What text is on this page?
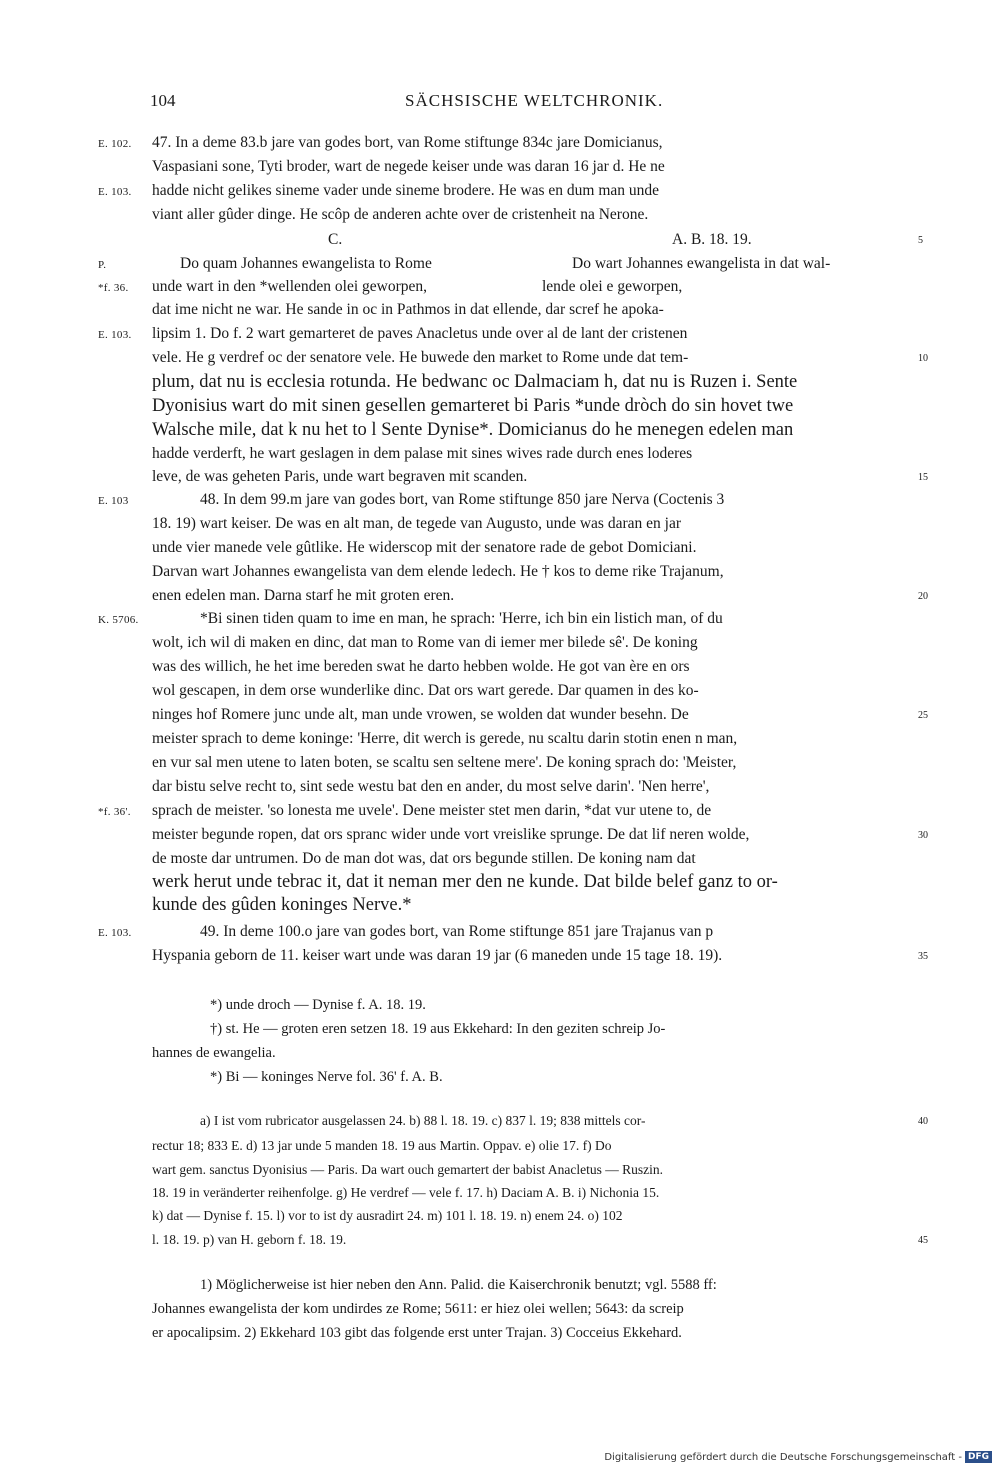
104	SÄCHSISCHE WELTCHRONIK.
47. In a deme 83.b jare van godes bort, van Rome stiftunge 834c jare Domicianus,
E. 102.
Vaspasiani sone, Tyti broder, wart de negede keiser unde was daran 16 jar d. He ne
hadde nicht gelikes sineme vader unde sineme brodere. He was en dum man unde
E. 103.
viant aller gûder dinge. He scôp de anderen achte over de cristenheit na Nerone.
C.	5
A. B. 18. 19.
Do quam Johannes ewangelista to Rome
P.	Do wart Johannes ewangelista in dat wal-
unde wart in den *wellenden olei geworpen,
*f. 36.	lende olei e geworpen,
dat ime nicht ne war. He sande in oc in Pathmos in dat ellende, dar scref he apoka-
lipsim 1. Do f. 2 wart gemarteret de paves Anacletus unde over al de lant der cristenen
E. 103.
vele. He g verdref oc der senatore vele. He buwede den market to Rome unde dat tem-	10
plum, dat nu is ecclesia rotunda. He bedwanc oc Dalmaciam h, dat nu is Ruzen i. Sente
Dyonisius wart do mit sinen gesellen gemarteret bi Paris *unde dròch do sin hovet twe
Walsche mile, dat k nu het to l Sente Dynise*. Domicianus do he menegen edelen man
hadde verderft, he wart geslagen in dem palase mit sines wives rade durch enes loderes
leve, de was geheten Paris, unde wart begraven mit scanden.	15
48. In dem 99.m jare van godes bort, van Rome stiftunge 850 jare Nerva (Coctenis 3
E. 103
18. 19) wart keiser. De was en alt man, de tegede van Augusto, unde was daran en jar
unde vier manede vele gûtlike. He widerscop mit der senatore rade de gebot Domiciani.
Darvan wart Johannes ewangelista van dem elende ledech. He † kos to deme rike Trajanum,
enen edelen man. Darna starf he mit groten eren.	20
*Bi sinen tiden quam to ime en man, he sprach: 'Herre, ich bin ein listich man, of du
K. 5706.
wolt, ich wil di maken en dinc, dat man to Rome van di iemer mer bilede sê'. De koning
was des willich, he het ime bereden swat he darto hebben wolde. He got van ère en ors
wol gescapen, in dem orse wunderlike dinc. Dat ors wart gerede. Dar quamen in des ko-
ninges hof Romere junc unde alt, man unde vrowen, se wolden dat wunder besehn. De	25
meister sprach to deme koninge: 'Herre, dit werch is gerede, nu scaltu darin stotin enen n man,
en vur sal men utene to laten boten, se scaltu sen seltene mere'. De koning sprach do: 'Meister,
dar bistu selve recht to, sint sede westu bat den en ander, du most selve darin'. 'Nen herre',
sprach de meister. 'so lonesta me uvele'. Dene meister stet men darin, *dat vur utene to, de
*f. 36'.
meister begunde ropen, dat ors spranc wider unde vort vreislike sprunge. De dat lif neren wolde,	30
de moste dar untrumen. Do de man dot was, dat ors begunde stillen. De koning nam dat
werk herut unde tebrac it, dat it neman mer den ne kunde. Dat bilde belef ganz to or-
kunde des gûden koninges Nerve.*
49. In deme 100.o jare van godes bort, van Rome stiftunge 851 jare Trajanus van p
E. 103.
Hyspania geborn de 11. keiser wart unde was daran 19 jar (6 maneden unde 15 tage 18. 19).	35
*) unde droch — Dynise f. A. 18. 19.
†) st. He — groten eren setzen 18. 19 aus Ekkehard: In den geziten schreip Jo-
hannes de ewangelia.
*) Bi — koninges Nerve fol. 36' f. A. B.
a) I ist vom rubricator ausgelassen 24. b) 88 l. 18. 19. c) 837 l. 19; 838 mittels cor-	40
rectur 18; 833 E. d) 13 jar unde 5 manden 18. 19 aus Martin. Oppav. e) olie 17. f) Do
wart gem. sanctus Dyonisius — Paris. Da wart ouch gemartert der babist Anacletus — Ruszin.
18. 19 in veränderter reihenfolge. g) He verdref — vele f. 17. h) Daciam A. B. i) Nichonia 15.
k) dat — Dynise f. 15. l) vor to ist dy ausradirt 24. m) 101 l. 18. 19. n) enem 24. o) 102
l. 18. 19. p) van H. geborn f. 18. 19.	45
1) Möglicherweise ist hier neben den Ann. Palid. die Kaiserchronik benutzt; vgl. 5588 ff:
Johannes ewangelista der kom undirdes ze Rome; 5611: er hiez olei wellen; 5643: da screip
er apocalipsim. 2) Ekkehard 103 gibt das folgende erst unter Trajan. 3) Cocceius Ekkehard.
Digitalisierung gefördert durch die Deutsche Forschungsgemeinschaft - DFG
